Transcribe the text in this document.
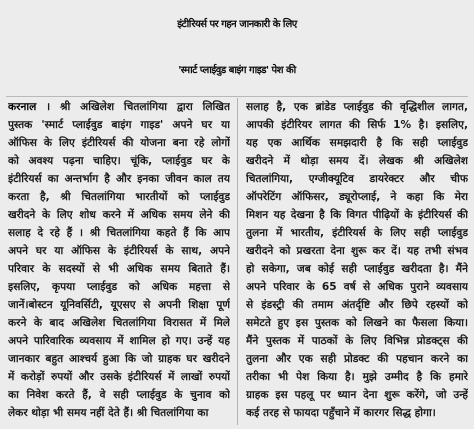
इंटीरियर्स पर गहन जानकारी के लिए
'स्मार्ट प्लाईवुड बाइंग गाइड' पेश की
करनाल । श्री अखिलेश चितलांगिया द्वारा लिखित
पुस्तक 'स्मार्ट प्लाईवुड बाइंग गाइड' अपने घर या
ऑफिस के लिए इंटीरियर्स की योजना बना रहे लोगों
को अवश्य पढ़ना चाहिए। चूंकि, प्लाईवुड घर के
इंटीरियर्स का अन्तर्भाग है और इनका जीवन काल तय
करता है, श्री चितलांगिया भारतीयों को प्लाईवुड
खरीदने के लिए शोध करने में अधिक समय लेने की
सलाह दे रहे हैं । श्री चितलांगिया कहते हैं कि आप
अपने घर या ऑफिस के इंटीरियर्स के साथ, अपने
परिवार के सदस्यों से भी अधिक समय बिताते हैं।
इसलिए, कृपया प्लाईवुड को अधिक महत्ता से
जानें।बोस्टन यूनिवर्सिटी, यूएसए से अपनी शिक्षा पूर्ण
करने के बाद अखिलेश चितलांगिया विरासत में मिले
अपने पारिवारिक व्यवसाय में शामिल हो गए। उन्हें यह
जानकार बहुत आश्चर्य हुआ कि जो ग्राहक घर खरीदने
में करोड़ों रुपयों और उसके इंटीरियर्स में लाखों रुपयों
का निवेश करते हैं, वे सही प्लाईवुड के चुनाव को
लेकर थोड़ा भी समय नहीं देते हैं। श्री चितलांगिया का
सलाह है, एक ब्रांडेड प्लाईवुड की वृद्धिशील लागत,
आपकी इंटीरियर लागत की सिर्फ 1% है। इसलिए,
यह एक आर्थिक समझदारी है कि सही प्लाईवुड
खरीदने में थोड़ा समय दें। लेखक श्री अखिलेश
चितलांगिया, एग्जीक्यूटिव डायरेक्टर और चीफ
ऑपरेटिंग ऑफिसर, ड्यूरोप्लाई, ने कहा कि मेरा
मिशन यह देखना है कि विगत पीढ़ियों के इंटीरियर्स की
तुलना में भारतीय, इंटीरियर्स के लिए सही प्लाईवुड
खरीदने को प्रखरता देना शुरू कर दें। यह तभी संभव
हो सकेगा, जब कोई सही प्लाईवुड खरीदता है। मैंने
अपने परिवार के 65 वर्ष से अधिक पुराने व्यवसाय
से इंडस्ट्री की तमाम अंतर्दृष्टि और छिपे रहस्यों को
समेटते हुए इस पुस्तक को लिखने का फैसला किया।
मैंने पुस्तक में पाठकों के लिए विभिन्न प्रोडक्ट्स की
तुलना और एक सही प्रोडक्ट की पहचान करने का
तरीका भी पेश किया है। मुझे उम्मीद है कि हमारे
ग्राहक इस पहलू पर ध्यान देना शुरू करेंगे, जो उन्हें
कई तरह से फायदा पहुँचाने में कारगर सिद्ध होगा।
